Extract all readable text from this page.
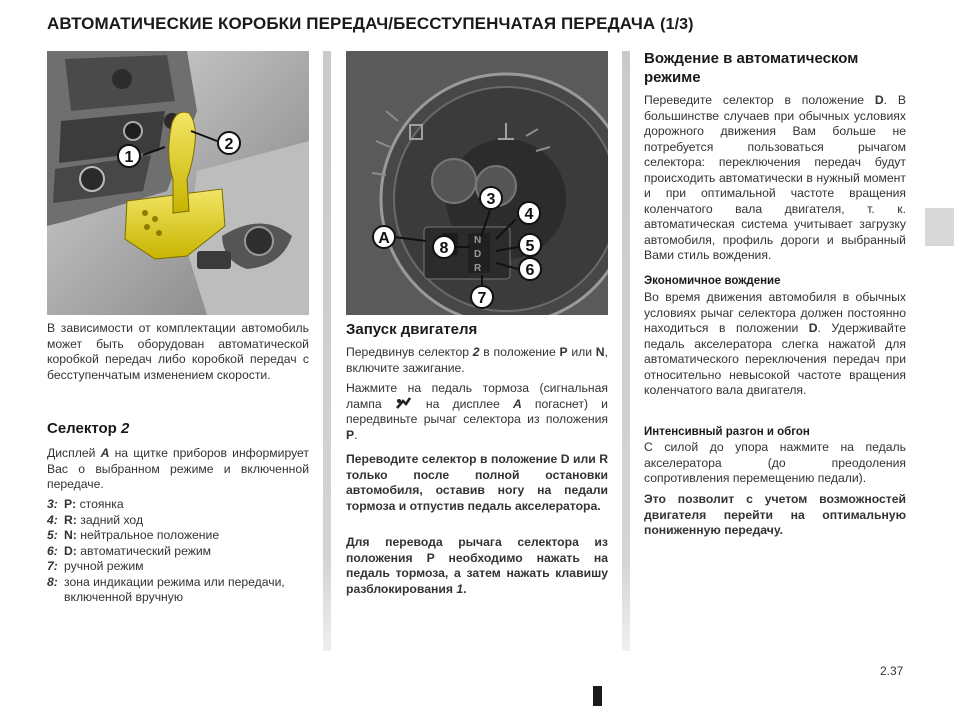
АВТОМАТИЧЕСКИЕ КОРОБКИ ПЕРЕДАЧ/БЕССТУПЕНЧАТАЯ ПЕРЕДАЧА (1/3)
1
2
N
D
R
A
3
4
5
6
7
8

В зависимости от комплектации автомобиль может быть оборудован автоматической коробкой передач либо коробкой передач с бесступенчатым изменением скорости.

Селектор 2

Дисплей A на щитке приборов информирует Вас о выбранном режиме и включенной передаче.

3: P: стоянка
4: R: задний ход
5: N: нейтральное положение
6: D: автоматический режим
7: ручной режим
8: зона индикации режима или передачи, включенной вручную
Запуск двигателя

Передвинув селектор 2 в положение P или N, включите зажигание.

Нажмите на педаль тормоза (сигнальная лампа  на дисплее A погаснет) и передвиньте рычаг селектора из положения P.

Переводите селектор в положение D или R только после полной остановки автомобиля, оставив ногу на педали тормоза и отпустив педаль акселератора.

Для перевода рычага селектора из положения P необходимо нажать на педаль тормоза, а затем нажать клавишу разблокирования 1.

Вождение в автоматическом режиме

Переведите селектор в положение D. В большинстве случаев при обычных условиях дорожного движения Вам больше не потребуется пользоваться рычагом селектора: переключения передач будут происходить автоматически в нужный момент и при оптимальной частоте вращения коленчатого вала двигателя, т. к. автоматическая система учитывает загрузку автомобиля, профиль дороги и выбранный Вами стиль вождения.

Экономичное вождение

Во время движения автомобиля в обычных условиях рычаг селектора должен постоянно находиться в положении D. Удерживайте педаль акселератора слегка нажатой для автоматического переключения передач при относительно невысокой частоте вращения коленчатого вала двигателя.

Интенсивный разгон и обгон

С силой до упора нажмите на педаль акселератора (до преодоления сопротивления перемещению педали).

Это позволит с учетом возможностей двигателя перейти на оптимальную пониженную передачу.

2.37
